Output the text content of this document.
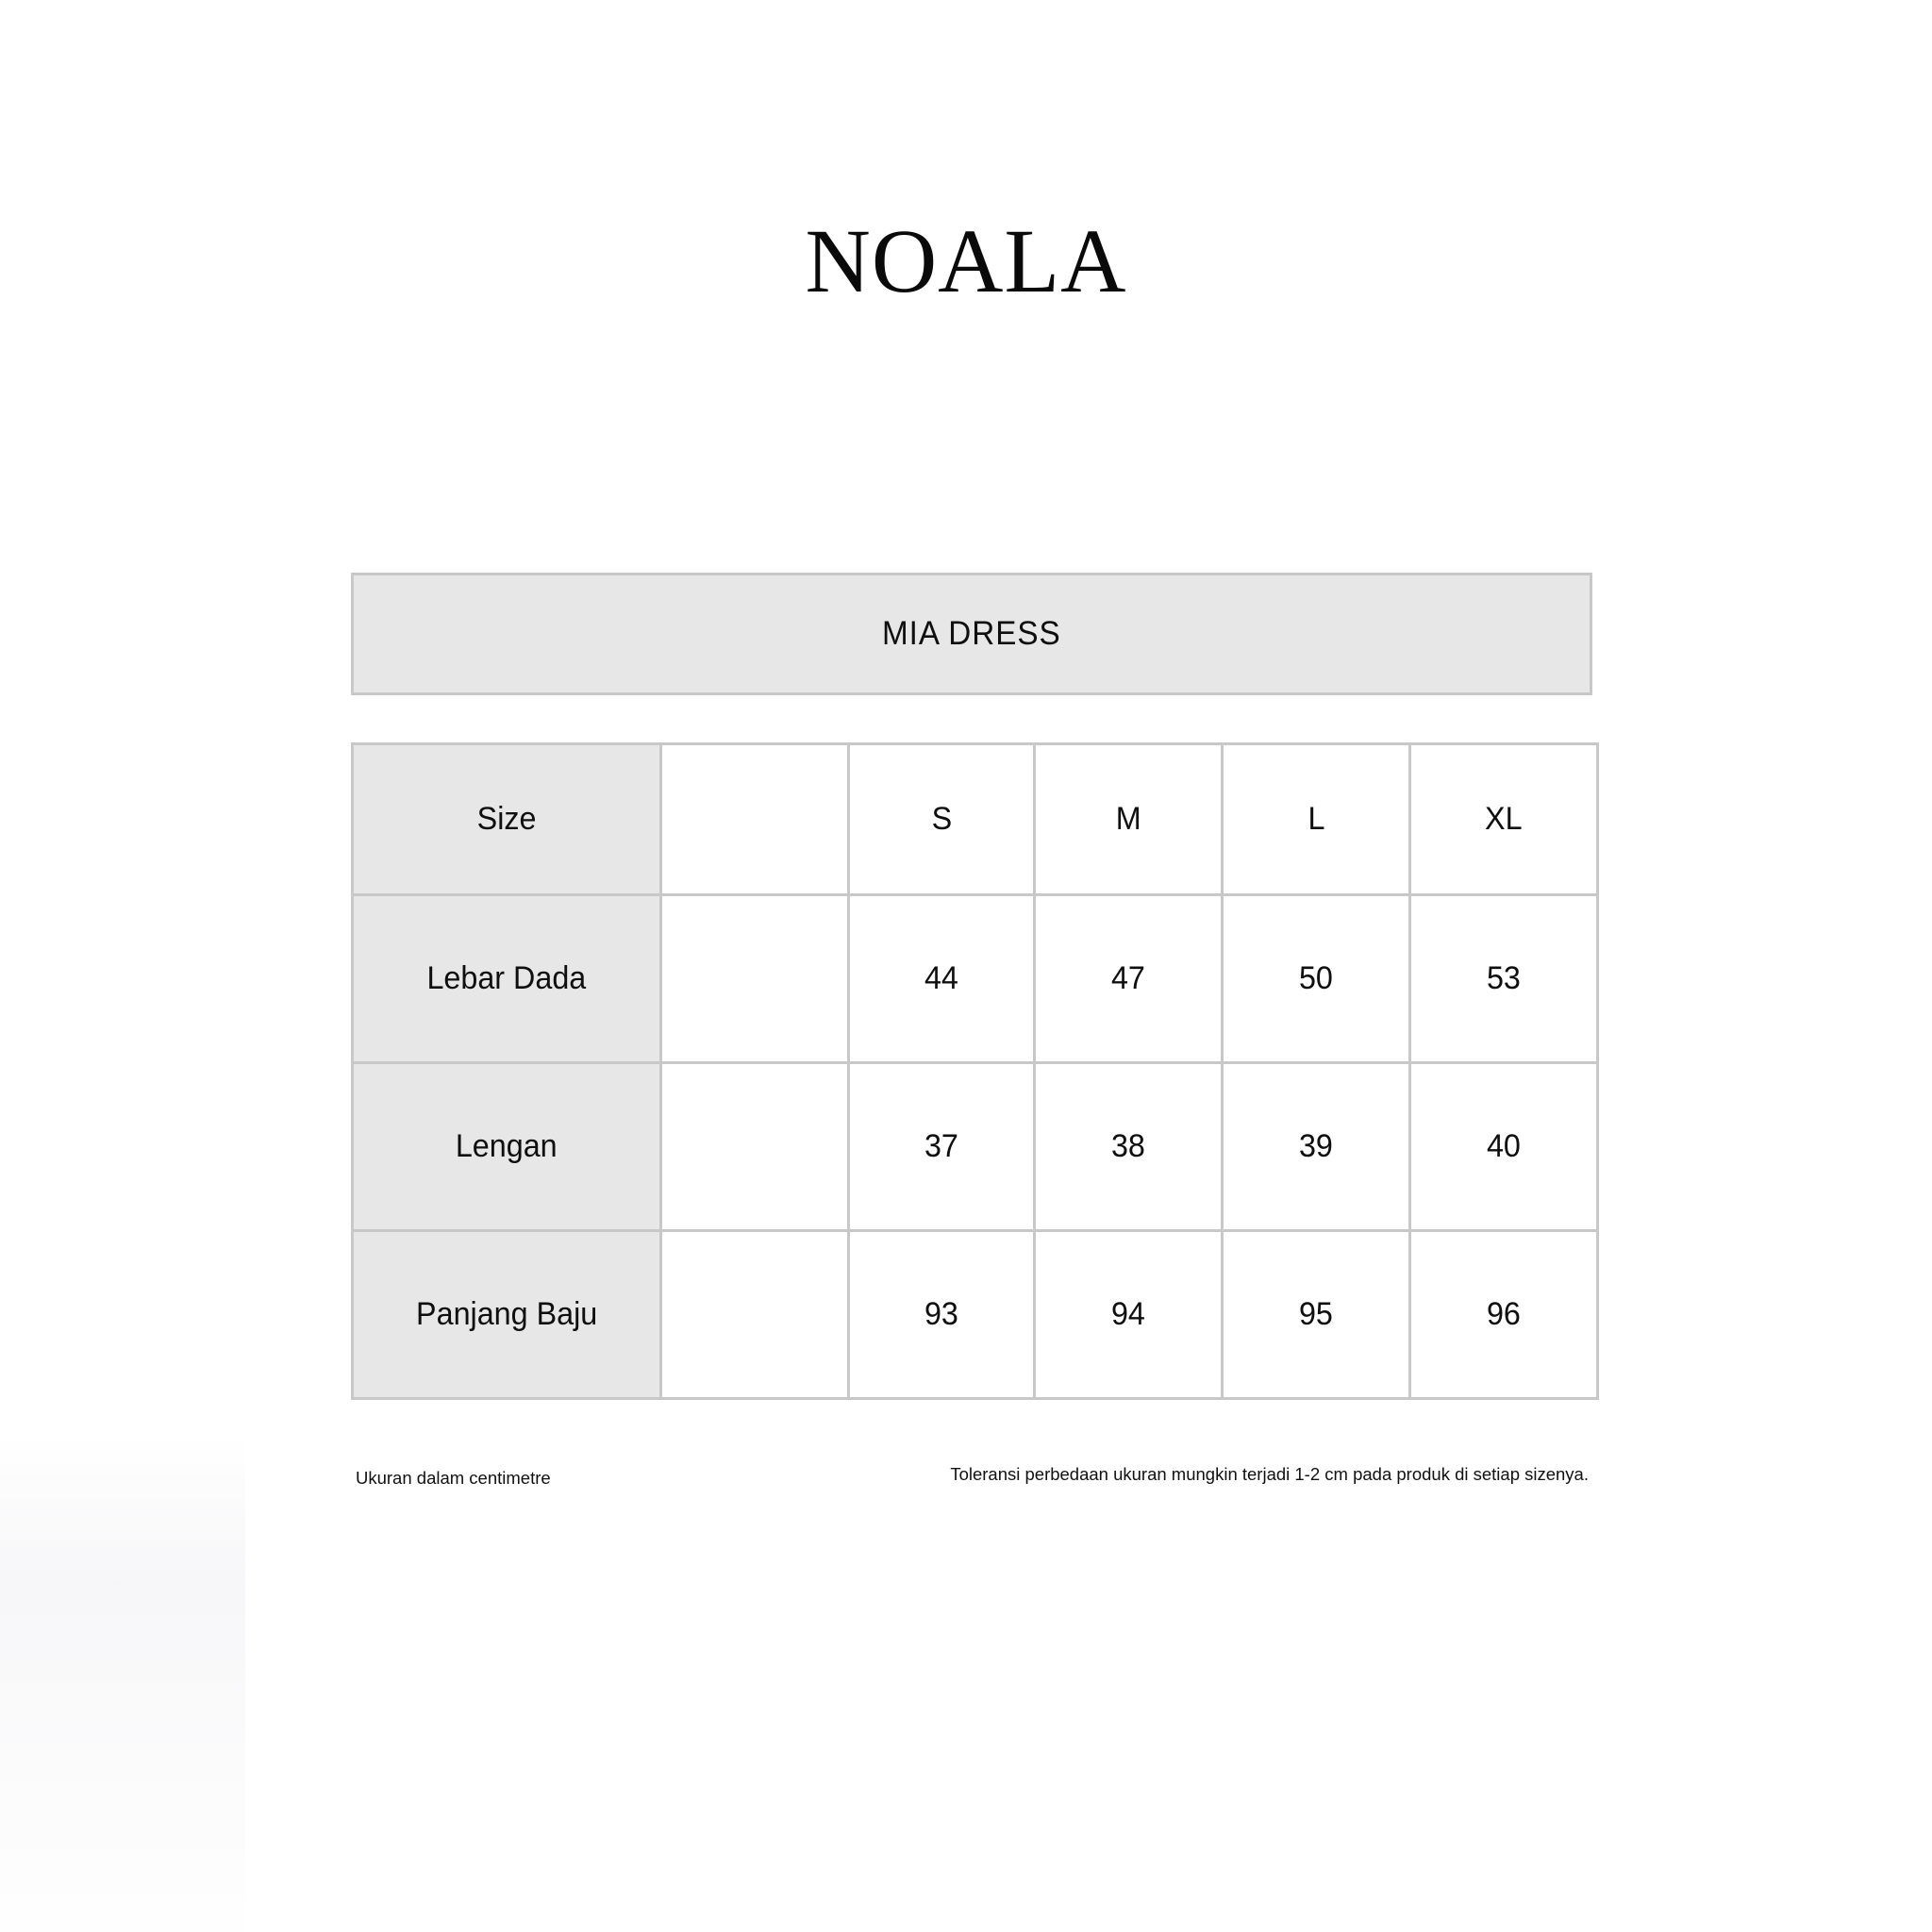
NOALA
MIA DRESS
Size		S	M	L	XL
Lebar Dada		44	47	50	53
Lengan		37	38	39	40
Panjang Baju		93	94	95	96
Ukuran dalam centimetre	Toleransi perbedaan ukuran mungkin terjadi 1-2 cm pada produk di setiap sizenya.
